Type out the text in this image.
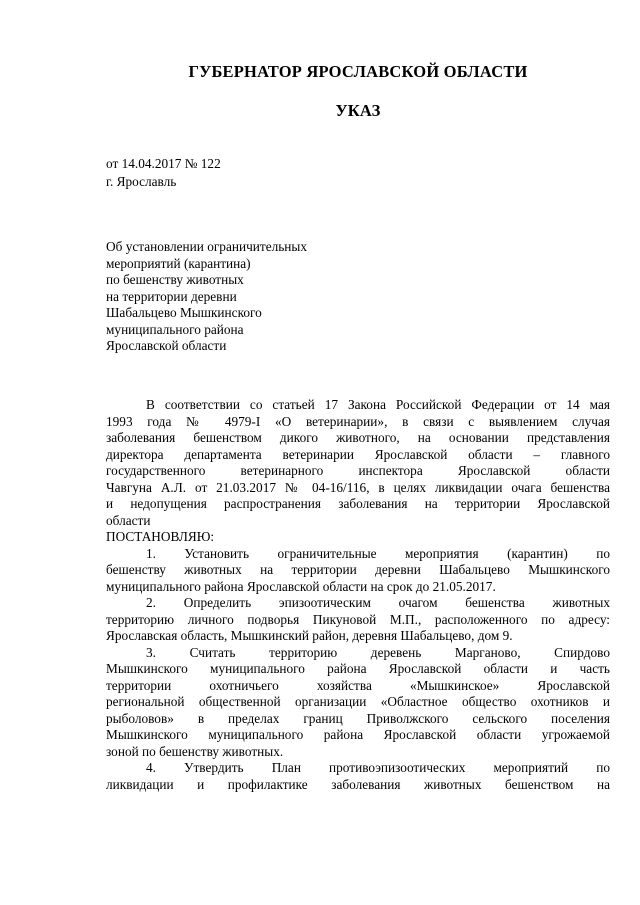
ГУБЕРНАТОР ЯРОСЛАВСКОЙ ОБЛАСТИ
УКАЗ
от 14.04.2017 № 122
г. Ярославль
Об установлении ограничительных
мероприятий (карантина)
по бешенству животных
на территории деревни
Шабальцево Мышкинского
муниципального района
Ярославской области
В соответствии со статьей 17 Закона Российской Федерации от 14 мая
1993 года № 4979-I «О ветеринарии», в связи с выявлением случая
заболевания бешенством дикого животного, на основании представления
директора департамента ветеринарии Ярославской области – главного
государственного ветеринарного инспектора Ярославской области
Чавгуна А.Л. от 21.03.2017 № 04-16/116, в целях ликвидации очага бешенства
и недопущения распространения заболевания на территории Ярославской
области
ПОСТАНОВЛЯЮ:
1. Установить ограничительные мероприятия (карантин) по
бешенству животных на территории деревни Шабальцево Мышкинского
муниципального района Ярославской области на срок до 21.05.2017.
2. Определить эпизоотическим очагом бешенства животных
территорию личного подворья Пикуновой М.П., расположенного по адресу:
Ярославская область, Мышкинский район, деревня Шабальцево, дом 9.
3. Считать территорию деревень Марганово, Спирдово
Мышкинского муниципального района Ярославской области и часть
территории охотничьего хозяйства «Мышкинское» Ярославской
региональной общественной организации «Областное общество охотников и
рыболовов» в пределах границ Приволжского сельского поселения
Мышкинского муниципального района Ярославской области угрожаемой
зоной по бешенству животных.
4. Утвердить План противоэпизоотических мероприятий по
ликвидации и профилактике заболевания животных бешенством на
